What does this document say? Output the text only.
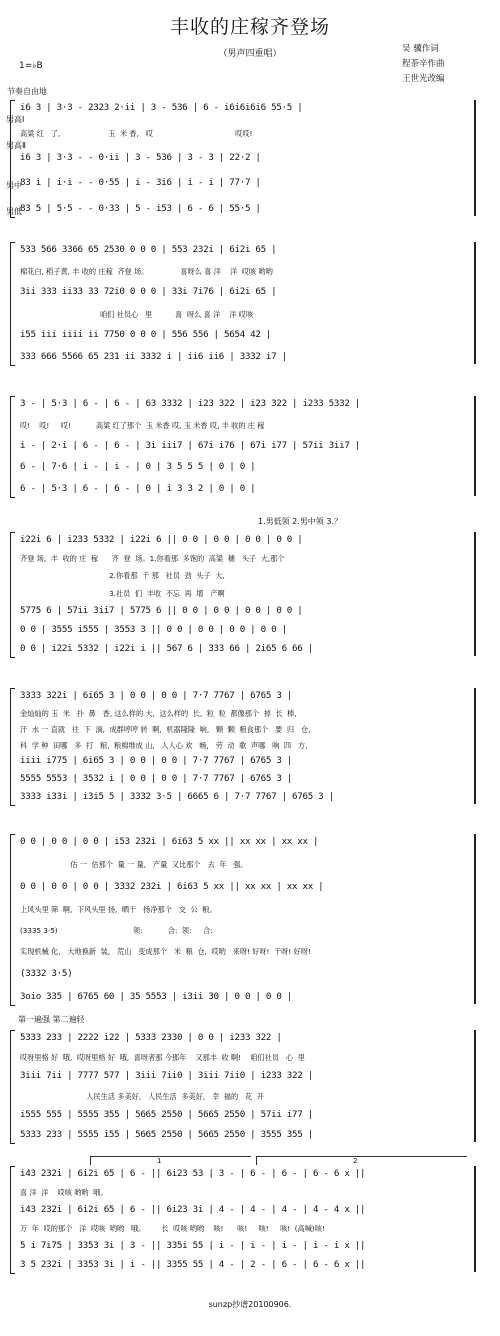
丰收的庄稼齐登场
（男声四重唱）	吴 骥作词
程荼辛作曲
王世光改编
1=♭B
节奏自由地
男高Ⅰ
男高Ⅱ
男中
男低
1.男低领 2.男中领 3.？
第一遍强 第二遍轻
1	2
i6 3 | 3·3 - 2323 2·ii | 3 - 536 | 6 - i6i6i6i6 55·5 |
高粱 红   了,                     玉  米 香,   哎                                    哎哎!
i6 3 | 3·3 - - 0·ii | 3 - 536 | 3 - 3 | 22·2 |
83 i | i·i - - 0·55 | i - 3i6 | i - i | 77·7 |
83 5 | 5·5 - - 0·33 | 5 - i53 | 6 - 6 | 55·5 |
533 566 3366 65 2530 0 0 0 | 553 232i | 6i2i 65 |
棉花白, 稻子黄, 丰 收的 庄稼  齐登 场。              喜呀么 喜 洋    洋  哎咳 哟哟
3ii 333 ii33 33 72i0 0 0 0 | 33i 7i76 | 6i2i 65 |
咱们 社员心   里          喜  呀么 喜 洋    洋 哎咳
i55 iii iiii ii 7750 0 0 0 | 556 556 | 5654 42 |
333 666 5566 65 231 ii 3332 i | ii6 ii6 | 3332 i7 |
3 - | 5·3 | 6 - | 6 - | 63 3332 | i23 322 | i23 322 | i233 5332 |
哎!    哎!     哎!           高粱 红了那个  玉 米香 哎, 玉 米香 哎, 丰 收的 庄 稼
i - | 2·i | 6 - | 6 - | 3i iii7 | 67i i76 | 67i i77 | 57ii 3ii7 |
6 - | 7·6 | i - | i - | 0 | 3 5 5 5 | 0 | 0 |
6 - | 5·3 | 6 - | 6 - | 0 | i 3 3 2 | 0 | 0 |
i22i 6 | i233 5332 | i22i 6 || 0 0 | 0 0 | 0 0 | 0 0 |
齐登 场,  丰  收的 庄  稼      齐  登  场。1.你看那  多饱的  高粱  穗   头子  大,那个
2.你看那  千 那   社员  劲  头子  大,
3.社员  们  丰收  不忘  再  增   产啊
5775 6 | 57ii 3ii7 | 5775 6 || 0 0 | 0 0 | 0 0 | 0 0 |
0 0 | 3555 i555 | 3553 3 || 0 0 | 0 0 | 0 0 | 0 0 |
0 0 | i22i 5332 | i22i i || 567 6 | 333 66 | 2i65 6 66 |
3333 322i | 6i65 3 | 0 0 | 0 0 | 7·7 7767 | 6765 3 |
金灿灿的 玉  米   扑  鼻   香, 这么样的 大,  这么样的  长,  粒  粒  都像那个  掉  长  棒,
汗  水 一 直就   往  下  淌,  成群哼哼 转  啊,  机器隆隆  响,   颗  颗  粮食那个   要  归   仓,
科  学 种  田哪   多  打   粮,  粮棉堆成 山,   人人心 欢   畅,   劳  动  歌  声哪   响  四   方,
iiii i775 | 6i65 3 | 0 0 | 0 0 | 7·7 7767 | 6765 3 |
5555 5553 | 3532 i | 0 0 | 0 0 | 7·7 7767 | 6765 3 |
3333 i33i | i3i5 5 | 3332 3·5 | 6665 6 | 7·7 7767 | 6765 3 |
0 0 | 0 0 | 0 0 | i53 232i | 6i63 5 xx || xx xx | xx xx |
估 一  估那个  量 一 量,   产量  又比那个   去  年   强。
0 0 | 0 0 | 0 0 | 3332 232i | 6i63 5 xx || xx xx | xx xx |
上风头里 筛  啊,  下风头里 扬,  晒干   扬净那个   交  公  粮。
(3335 3·5)                                 领:           合:  领:     合:
实现机械 化,   大地换新  装,   荒山   变成那个   米  粮  仓,  哎哟   来呀! 好呀!  干呀! 好呀!
(3332 3·5)
3oio 335 | 6765 60 | 35 5553 | i3ii 30 | 0 0 | 0 0 |
5333 233 | 2222 i22 | 5333 2330 | 0 0 | i233 322 |
哎呀里格 好  哦,  哎呀里格 好  哦,  喜呀者那 今那年    又那丰  收 啊!    咱们社员   心  里
3iii 7ii | 7777 577 | 3iii 7ii0 | 3iii 7ii0 | i233 322 |
人民生活 多美好,   人民生活  多美好,   幸  福的   花  开
i555 555 | 5555 355 | 5665 2550 | 5665 2550 | 57ii i77 |
5333 233 | 5555 i55 | 5665 2550 | 5665 2550 | 3555 355 |
i43 232i | 6i2i 65 | 6 - || 6i23 53 | 3 - | 6 - | 6 - | 6 - 6 x ||
喜 洋  洋    哎咳 哟哟  哦。
i43 232i | 6i2i 65 | 6 - || 6i23 3i | 4 - | 4 - | 4 - | 4 - 4 x ||
万  年  哎的那个   洋  哎咳  哟哟   哦。       长  哎咳 哟哟    咳!      咳!     咳!     咳!  (高喊)咳!
5 i 7i75 | 3353 3i | 3 - || 335i 55 | i - | i - | i - | i - i x ||
3 5 232i | 3353 3i | i - || 3355 55 | 4 - | 2 - | 6 - | 6 - 6 x ||
sunzp抄谱20100906.
